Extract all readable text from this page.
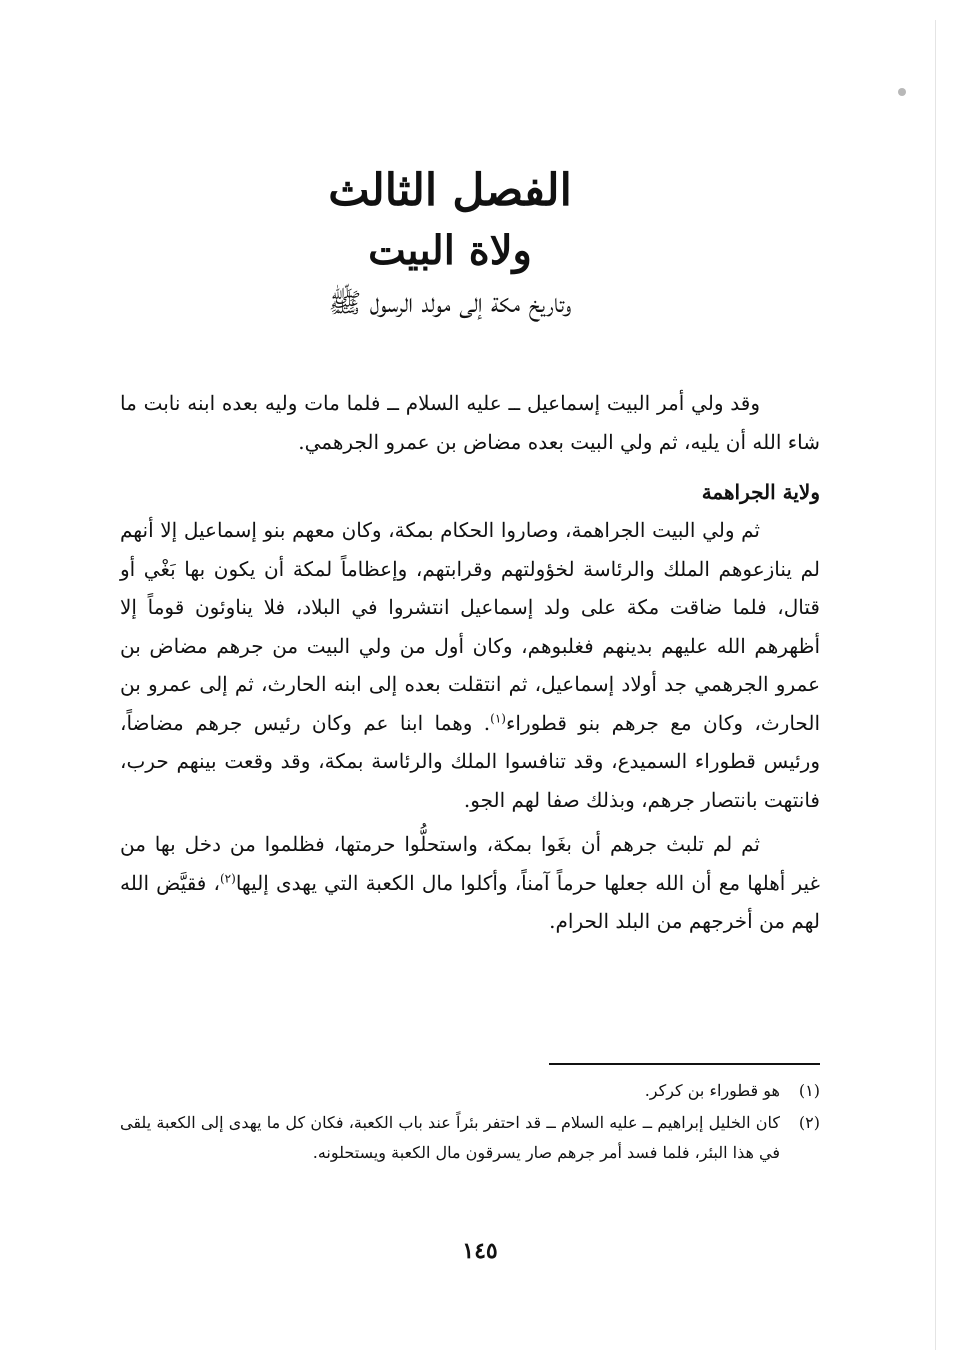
الفصل الثالث

ولاة البيت

وتاريخ مكة إلى مولد الرسول ﷺ

وقد ولي أمر البيت إسماعيل ــ عليه السلام ــ فلما مات وليه بعده ابنه نابت ما شاء الله أن يليه، ثم ولي البيت بعده مضاض بن عمرو الجرهمي.

ولاية الجراهمة

ثم ولي البيت الجراهمة، وصاروا الحكام بمكة، وكان معهم بنو إسماعيل إلا أنهم لم ينازعوهم الملك والرئاسة لخؤولتهم وقرابتهم، وإعظاماً لمكة أن يكون بها بَغْي أو قتال، فلما ضاقت مكة على ولد إسماعيل انتشروا في البلاد، فلا يناوئون قوماً إلا أظهرهم الله عليهم بدينهم فغلبوهم، وكان أول من ولي البيت من جرهم مضاض بن عمرو الجرهمي جد أولاد إسماعيل، ثم انتقلت بعده إلى ابنه الحارث، ثم إلى عمرو بن الحارث، وكان مع جرهم بنو قطوراء$^{(١)}$. وهما ابنا عم وكان رئيس جرهم مضاضاً، ورئيس قطوراء السميدع، وقد تنافسوا الملك والرئاسة بمكة، وقد وقعت بينهم حرب، فانتهت بانتصار جرهم، وبذلك صفا لهم الجو.

ثم لم تلبث جرهم أن بغَوا بمكة، واستحلُّوا حرمتها، فظلموا من دخل بها من غير أهلها مع أن الله جعلها حرماً آمناً، وأكلوا مال الكعبة التي يهدى إليها$^{(٢)}$، فقيَّض الله لهم من أخرجهم من البلد الحرام.

(١)
هو قطوراء بن كركر.
(٢)
كان الخليل إبراهيم ــ عليه السلام ــ قد احتفر بئراً عند باب الكعبة، فكان كل ما يهدى إلى الكعبة يلقى في هذا البئر، فلما فسد أمر جرهم صار يسرقون مال الكعبة ويستحلونه.
١٤٥
